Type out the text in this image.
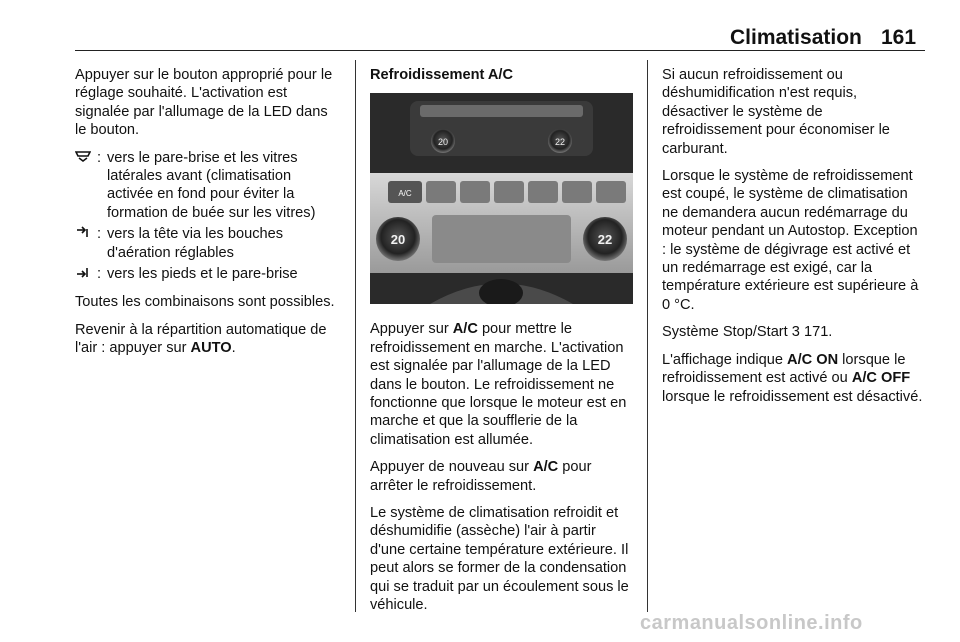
Climatisation 161

Appuyer sur le bouton approprié pour le réglage souhaité. L'activation est signalée par l'allumage de la LED dans le bouton.

: vers le pare-brise et les vitres latérales avant (climatisation activée en fond pour éviter la formation de buée sur les vitres)
: vers la tête via les bouches d'aération réglables
: vers les pieds et le pare-brise

Toutes les combinaisons sont possibles.

Revenir à la répartition automatique de l'air : appuyer sur AUTO.

Refroidissement A/C
20	22
A/C
20	22

Appuyer sur A/C pour mettre le refroidissement en marche. L'activation est signalée par l'allumage de la LED dans le bouton. Le refroidissement ne fonctionne que lorsque le moteur est en marche et que la soufflerie de la climatisation est allumée.

Appuyer de nouveau sur A/C pour arrêter le refroidissement.

Le système de climatisation refroidit et déshumidifie (assèche) l'air à partir d'une certaine température extérieure. Il peut alors se former de la condensation qui se traduit par un écoulement sous le véhicule.

Si aucun refroidissement ou déshumidification n'est requis, désactiver le système de refroidissement pour économiser le carburant.

Lorsque le système de refroidissement est coupé, le système de climatisation ne demandera aucun redémarrage du moteur pendant un Autostop. Exception : le système de dégivrage est activé et un redémarrage est exigé, car la température extérieure est supérieure à 0 °C.

Système Stop/Start 3 171.

L'affichage indique A/C ON lorsque le refroidissement est activé ou A/C OFF lorsque le refroidissement est désactivé.

carmanualsonline.info
